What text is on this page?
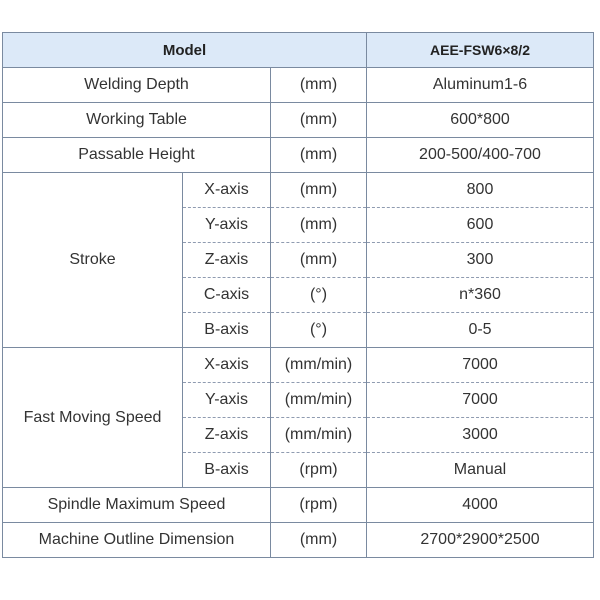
Model			AEE-FSW6×8/2
Welding Depth		(mm)	Aluminum1-6
Working Table		(mm)	600*800
Passable Height		(mm)	200-500/400-700
Stroke	X-axis	(mm)	800
	Y-axis	(mm)	600
	Z-axis	(mm)	300
	C-axis	(°)	n*360
	B-axis	(°)	0-5
Fast Moving Speed	X-axis	(mm/min)	7000
	Y-axis	(mm/min)	7000
	Z-axis	(mm/min)	3000
	B-axis	(rpm)	Manual
Spindle Maximum Speed		(rpm)	4000
Machine Outline Dimension		(mm)	2700*2900*2500
